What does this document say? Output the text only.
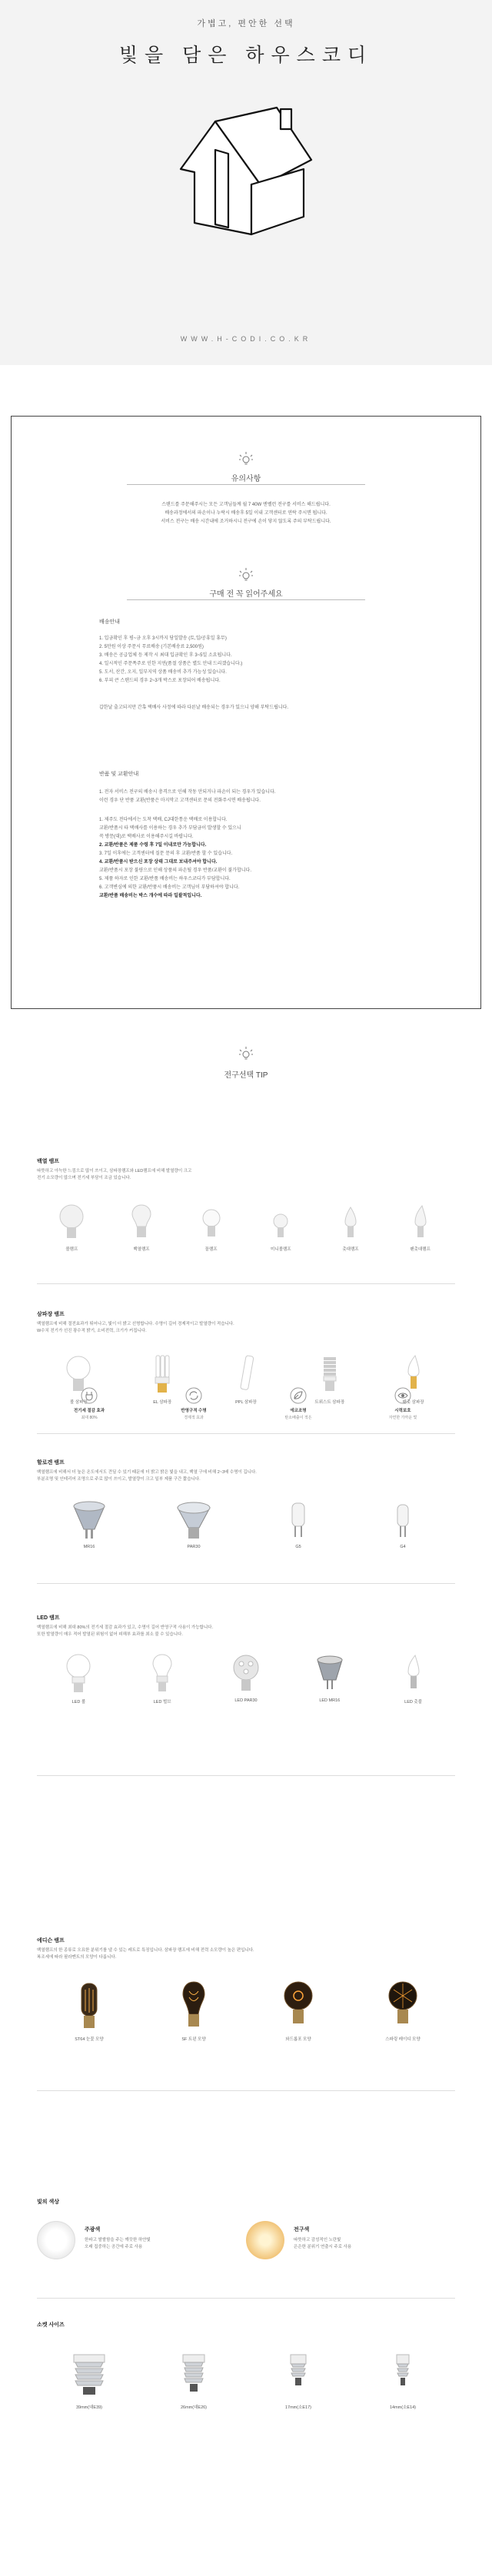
가볍고, 편안한 선택
빛을 담은 하우스코디
WWW.H-CODI.CO.KR
유의사항
스탠드를 주문해주시는 모든 고객님들께 월 7 40W 엔벨런 전구를 서비스 해드립니다.
배송과정에서의 파손이나 누락시 배송후 5일 이내 고객센터로 연락 주시면 됩니다.
서비스 전구는 배송 시간내에 조거하시니 전구에 손이 닿지 않도록 주의 부탁드립니다.
구매 전 꼭 읽어주세요
배송안내
1. 입금확인 후 평~금 오후 3시까지 당일발송 (토,일/공휴일 휴무)
2. 5만원 이상 주문시 무료배송 (기본배송료 2,500원)
3. 배송은 공급업체 등 제작 시 최대 입금확인 후 3~5일 소요됩니다.
4. 일시적인 주문폭주로 인한 지연(품절 상품은 별도 안내 드리겠습니다.)
5. 도서, 산간, 오지, 일부지역 상품 배송비 추가 가능성 있습니다.
6. 부피 큰 스탠드의 경우 2~3개 박스로 포장되어 배송됩니다.
갑한날 출고되지만 간혹 택배사 사정에 따라 다른날 배송되는 경우가 있으니 양해 부탁드립니다.
반품 및 교환안내
1. 전자 서비스 전구의 배송시 충격으로 인해 작동 안되거나 파손이 되는 경우가 있습니다.
이런 경우 단 반품 교환(반품은 마지막고 고객센터로 문의 전화주시면 배송됩니다.
1. 제주도 전다에서는 도착 택배, CJ대한통운 택배로 이용합니다.
교환/반품시 타 택배사를 이용하는 경우 추가 부담금이 발생할 수 있으니
꼭 방문(대)로 택배사로 이용해주시길 바랍니다.
2. 교환/반품은 제품 수령 후 7일 이내로만 가능합니다.
3. 7일 이후에는 고객센터에 질문 문의 후 교환/반품 할 수 있습니다.
4. 교환/반품시 받으신 포장 상태 그대로 보내주셔야 합니다.
교환/반품시 포장 불량으로 인해 상품의 파손될 경우 반품/교환이 불가합니다.
5. 제품 하자로 인한 교환/반품 배송비는 하우스코디가 부담합니다.
6. 고객변심에 의한 교환/반품시 배송비는 고객님이 부담하셔야 합니다.
교환/반품 배송비는 박스 개수에 따라 일괄적입니다.
전구선택 TIP
백열 램프
따뜻하고 아늑한 느낌으로 많이 쓰이고, 삼파장램프와 LED램프에 비해 발열량이 크고
전기 소모량이 많으며 전기세 부담이 조금 있습니다.
볼램프	백열램프	꼴램프	미니볼램프	촛대램프	팬촛대램프
삼파장 램프
백열램프에 비해 절전효과가 뛰어나고, 빛이 더 밝고 선명합니다. 수명이 길어 경제적이고 발열량이 적습니다.
W수치 전기가 선진 광수적 밝기, 소비전력, 크기가 커집니다.
볼 삼파장	EL 삼파장	PPL 삼파장	트위스트 삼파장	팬촛 삼파장
할로겐 램프
백열램프에 비해서 더 높은 온도에서도 견딜 수 있기 때문에 더 밝고 밝은 빛을 내고, 백열 구에 비해 2~3배 수명이 깁니다.
부분조명 및 인테리어 조명으로 주로 많이 쓰이고, 발열량이 크고 일부 제품 구간 짧습니다.
MR16	PAR30	G5	G4
LED 램프
백열램프에 비해 최대 80%의 전기세 절감 효과가 있고, 수명이 길어 반영구적 사용이 가능합니다.
또한 발열량이 매우 적어 발열된 위험이 없어 피해부 효과를 최소 불 수 있습니다.
LED 볼	LED 벌브	LED PAR30	LED MR16	LED 촛불
전기세 절감 효과
최대 80%
반영구적 수명
경제적 효과
에코조명
탄소배출이 적은
시력보호
자연한 가까운 빛
에디슨 램프
백열램프의 한 종류로 오묘한 분위기를 낼 수 있는 레트로 특징입니다. 삼파장 램프에 비해 전력 소모량이 높은 편입니다.
복조세에 따라 필라멘트의 모양이 다릅니다.
ST64 눈꽃 모양	SF 트윈 모양	와드롭포 모양	스파링 레이디 모양
빛의 색상
주광색
한파고 쌀쌀함을 주는 깨끗한 하얀빛
오래 집중하는 공간에 주로 사용
전구색
따뜻하고 감성적인 노란빛
은은한 분위기 연출시 주로 사용
소켓 사이즈
39mm(대E39)	26mm(대E26)	17mm(소E17)	14mm(소E14)
